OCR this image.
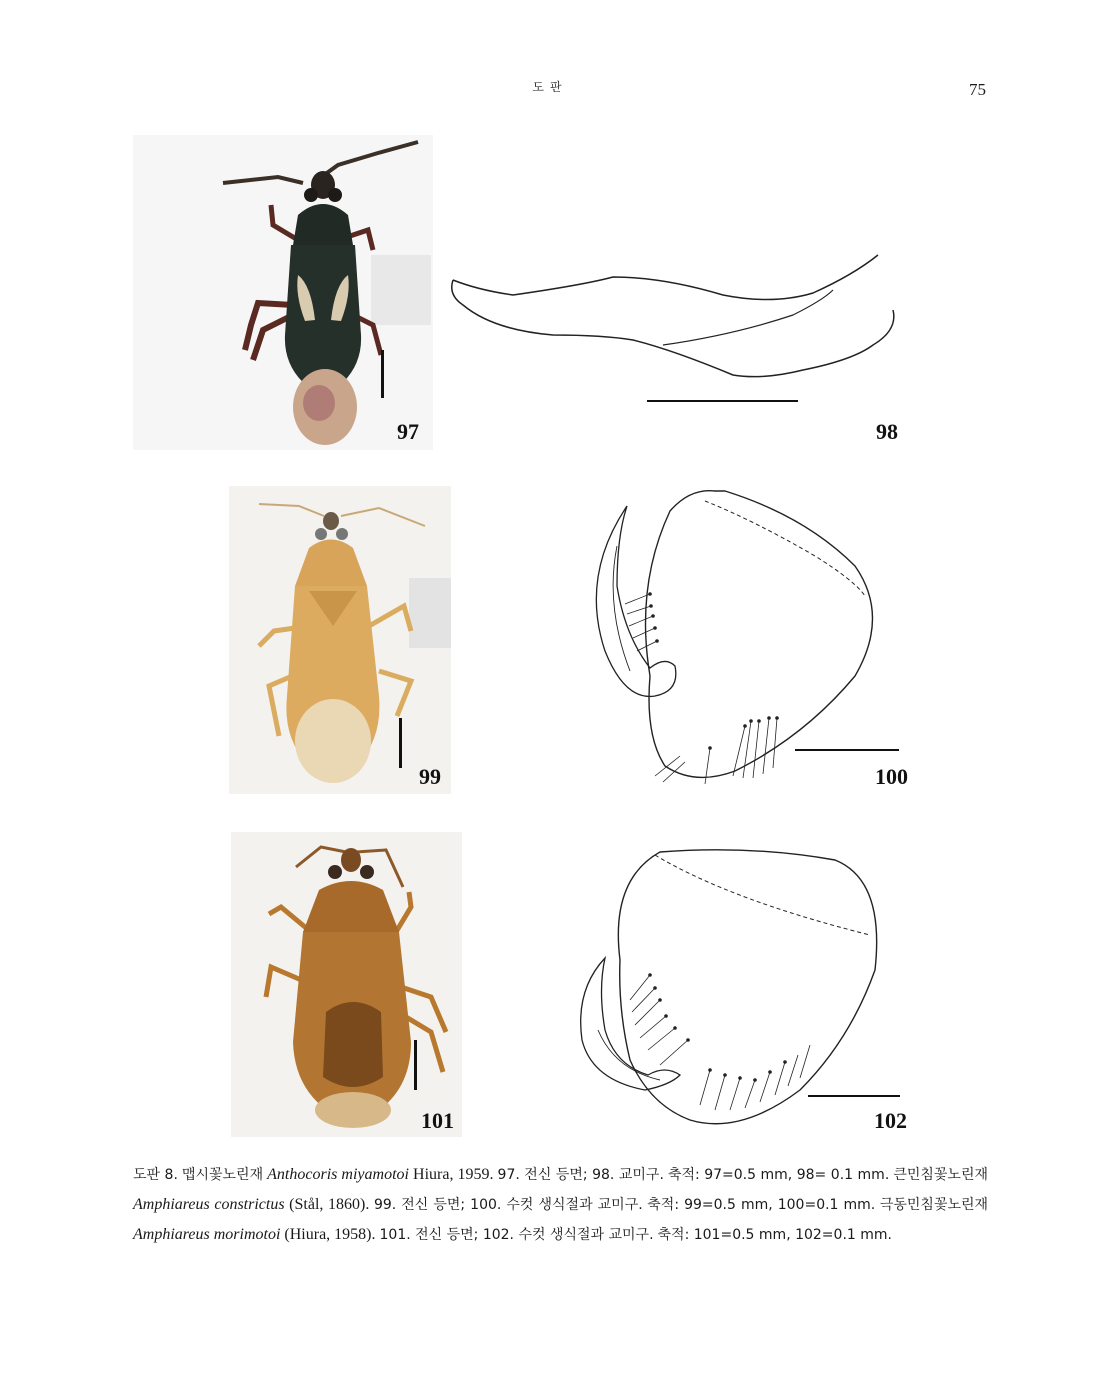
도판	75
97	98
99	100
101	102
도판 8. 맵시꽃노린재 Anthocoris miyamotoi Hiura, 1959. 97. 전신 등면; 98. 교미구. 축적: 97=0.5 mm, 98= 0.1 mm. 큰민침꽃노린재 Amphiareus constrictus (Stål, 1860). 99. 전신 등면; 100. 수컷 생식절과 교미구. 축적: 99=0.5 mm, 100=0.1 mm. 극동민침꽃노린재 Amphiareus morimotoi (Hiura, 1958). 101. 전신 등면; 102. 수컷 생식절과 교미구. 축적: 101=0.5 mm, 102=0.1 mm.
